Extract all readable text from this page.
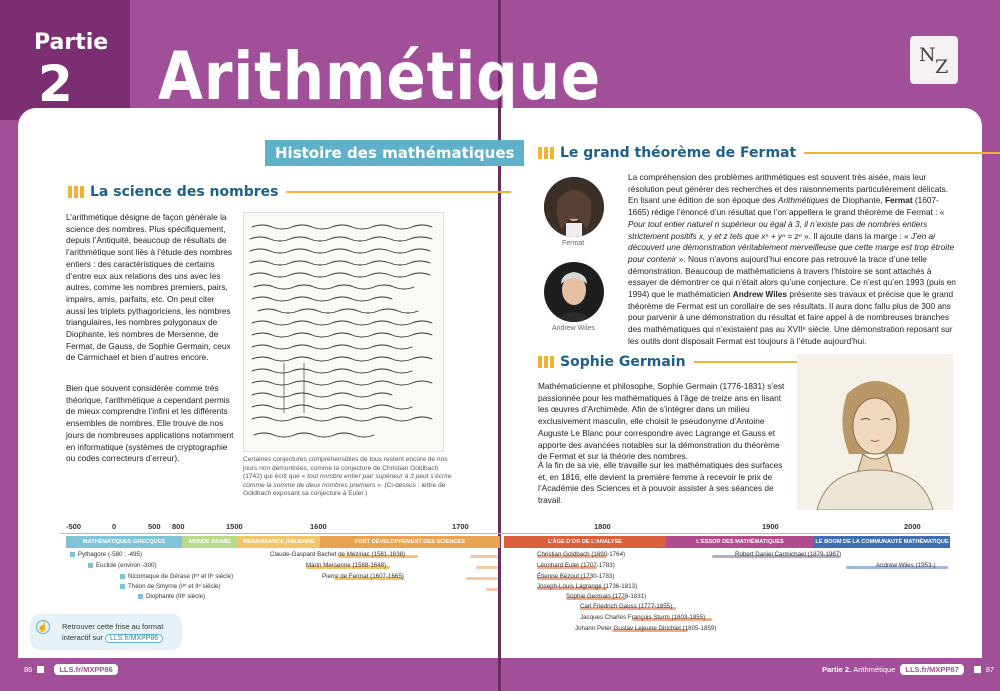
Partie
2 Arithmétique	N
Z
Histoire des mathématiques
La science des nombres
L’arithmétique désigne de façon générale la science des nombres. Plus spécifiquement, depuis l’Antiquité, beaucoup de résultats de l’arithmétique sont liés à l’étude des nombres entiers : des caractéristiques de certains d’entre eux aux relations des uns avec les autres, comme les nombres premiers, pairs, impairs, amis, parfaits, etc. On peut citer aussi les triplets pythagoriciens, les nombres triangulaires, les nombres polygonaux de Diophante, les nombres de Mersenne, de Fermat, de Gauss, de Sophie Germain, ceux de Carmichael et bien d’autres encore.
Bien que souvent considérée comme très théorique, l’arithmétique a cependant permis de mieux comprendre l’infini et les différents ensembles de nombres. Elle trouve de nos jours de nombreuses applications notamment en informatique (systèmes de cryptographie ou codes correcteurs d’erreur).	Certaines conjectures compréhensibles de tous restent encore de nos jours non démontrées, comme la conjecture de Christian Goldbach (1742) qui écrit que « tout nombre entier pair supérieur à 3 peut s’écrire comme la somme de deux nombres premiers ». (Ci-dessus : lettre de Goldbach exposant sa conjecture à Euler.)
Le grand théorème de Fermat
Fermat
Andrew Wiles
La compréhension des problèmes arithmétiques est souvent très aisée, mais leur résolution peut générer des recherches et des raisonnements particulièrement délicats. En lisant une édition de son époque des Arithmétiques de Diophante, Fermat (1607-1665) rédige l’énoncé d’un résultat que l’on appellera le grand théorème de Fermat : « Pour tout entier naturel n supérieur ou égal à 3, il n’existe pas de nombres entiers strictement positifs x, y et z tels que xⁿ + yⁿ = zⁿ ». Il ajoute dans la marge : « J’en ai découvert une démonstration véritablement merveilleuse que cette marge est trop étroite pour contenir ». Nous n’avons aujourd’hui encore pas retrouvé la trace d’une telle démonstration. Beaucoup de mathématiciens à travers l’histoire se sont attachés à essayer de démontrer ce qui n’était alors qu’une conjecture. Ce n’est qu’en 1993 (puis en 1994) que le mathématicien Andrew Wiles présente ses travaux et précise que le grand théorème de Fermat est un corollaire de ses résultats. Il aura donc fallu plus de 300 ans pour parvenir à une démonstration du résultat et faire appel à de nombreuses branches des mathématiques qui n’existaient pas au XVIIᵉ siècle. Une démonstration reposant sur les outils dont disposait Fermat est toujours à l’étude aujourd’hui.
Sophie Germain
Mathématicienne et philosophe, Sophie Germain (1776-1831) s’est passionnée pour les mathématiques à l’âge de treize ans en lisant les œuvres d’Archimède. Afin de s’intégrer dans un milieu exclusivement masculin, elle choisit le pseudonyme d’Antoine Auguste Le Blanc pour correspondre avec Lagrange et Gauss et apporte des avancées notables sur la démonstration du théorème de Fermat et sur la théorie des nombres.
À la fin de sa vie, elle travaille sur les mathématiques des surfaces et, en 1816, elle devient la première femme à recevoir le prix de l’Académie des Sciences et à pouvoir assister à ses séances de travail.
-500	0	500 800	1500	1600	1700	1800	1900	2000
MATHÉMATIQUES GRECQUES	MONDE ARABE	RENAISSANCE ITALIENNE	FORT DÉVELOPPEMENT DES SCIENCES	L’ÂGE D’OR DE L’ANALYSE	L’ESSOR DES MATHÉMATIQUES	LE BOOM DE LA COMMUNAUTÉ MATHÉMATIQUE
Pythagore (-580 ; -495)
Euclide (environ -300)
Nicomaque de Gérase (Iᵉʳ et IIᵉ siècle)
Théon de Smyrne (Iᵉʳ et IIᵉ siècle)
Diophante (IIIᵉ siècle)
Claude-Gaspard Bachet de Méziriac (1581-1638)
Marin Mersenne (1588-1648)
Pierre de Fermat (1607-1665)
Christian Goldbach (1690-1764)
Léonhard Euler (1707-1783)
Étienne Bézout (1730-1783)
Joseph-Louis Lagrange (1736-1813)
Sophie Germain (1776-1831)
Carl Friedrich Gauss (1777-1855)
Jacques Charles François Sturm (1803-1855)
Johann Peter Gustav Lejeune Dirichlet (1805-1859)
Robert Daniel Carmichael (1879-1967)
Andrew Wiles (1953-)
☝ Retrouver cette frise au format
interactif sur LLS.fr/MXPP86
86	LLS.fr/MXPP86	Partie 2.
Arithmétique	LLS.fr/MXPP87	87
